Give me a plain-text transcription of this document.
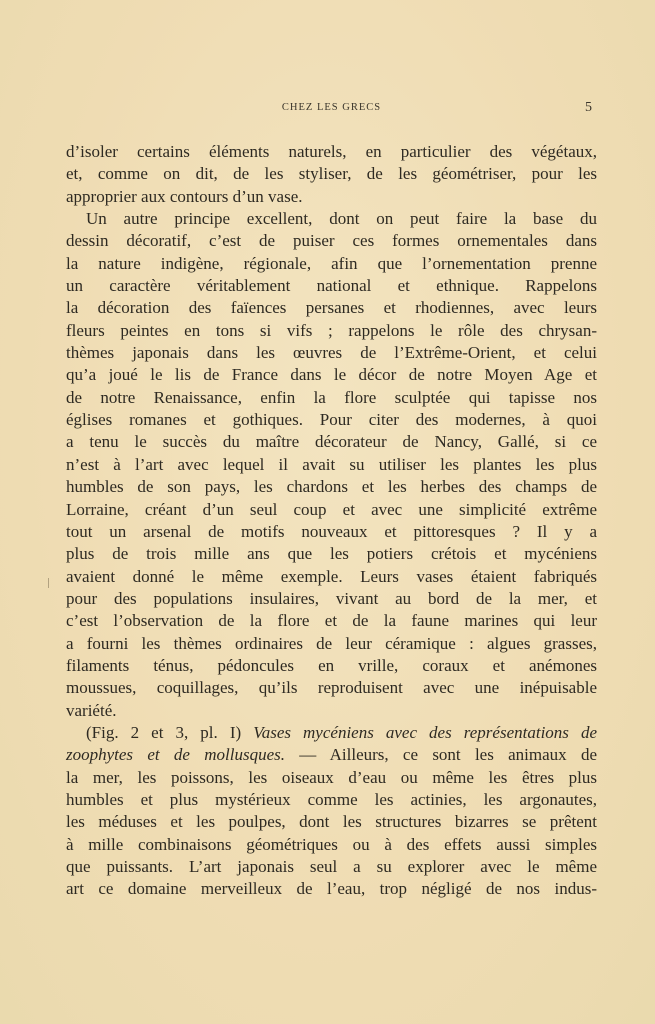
CHEZ LES GRECS	5
d’isoler certains éléments naturels, en particulier des végétaux,
et, comme on dit, de les styliser, de les géométriser, pour les
approprier aux contours d’un vase.
Un autre principe excellent, dont on peut faire la base du
dessin décoratif, c’est de puiser ces formes ornementales dans
la nature indigène, régionale, afin que l’ornementation prenne
un caractère véritablement national et ethnique. Rappelons
la décoration des faïences persanes et rhodiennes, avec leurs
fleurs peintes en tons si vifs ; rappelons le rôle des chrysan-
thèmes japonais dans les œuvres de l’Extrême-Orient, et celui
qu’a joué le lis de France dans le décor de notre Moyen Age et
de notre Renaissance, enfin la flore sculptée qui tapisse nos
églises romanes et gothiques. Pour citer des modernes, à quoi
a tenu le succès du maître décorateur de Nancy, Gallé, si ce
n’est à l’art avec lequel il avait su utiliser les plantes les plus
humbles de son pays, les chardons et les herbes des champs de
Lorraine, créant d’un seul coup et avec une simplicité extrême
tout un arsenal de motifs nouveaux et pittoresques ? Il y a
plus de trois mille ans que les potiers crétois et mycéniens
avaient donné le même exemple. Leurs vases étaient fabriqués
pour des populations insulaires, vivant au bord de la mer, et
c’est l’observation de la flore et de la faune marines qui leur
a fourni les thèmes ordinaires de leur céramique : algues grasses,
filaments ténus, pédoncules en vrille, coraux et anémones
moussues, coquillages, qu’ils reproduisent avec une inépuisable
variété.
(Fig. 2 et 3, pl. I) Vases mycéniens avec des représentations de
zoophytes et de mollusques. — Ailleurs, ce sont les animaux de
la mer, les poissons, les oiseaux d’eau ou même les êtres plus
humbles et plus mystérieux comme les actinies, les argonautes,
les méduses et les poulpes, dont les structures bizarres se prêtent
à mille combinaisons géométriques ou à des effets aussi simples
que puissants. L’art japonais seul a su explorer avec le même
art ce domaine merveilleux de l’eau, trop négligé de nos indus-
